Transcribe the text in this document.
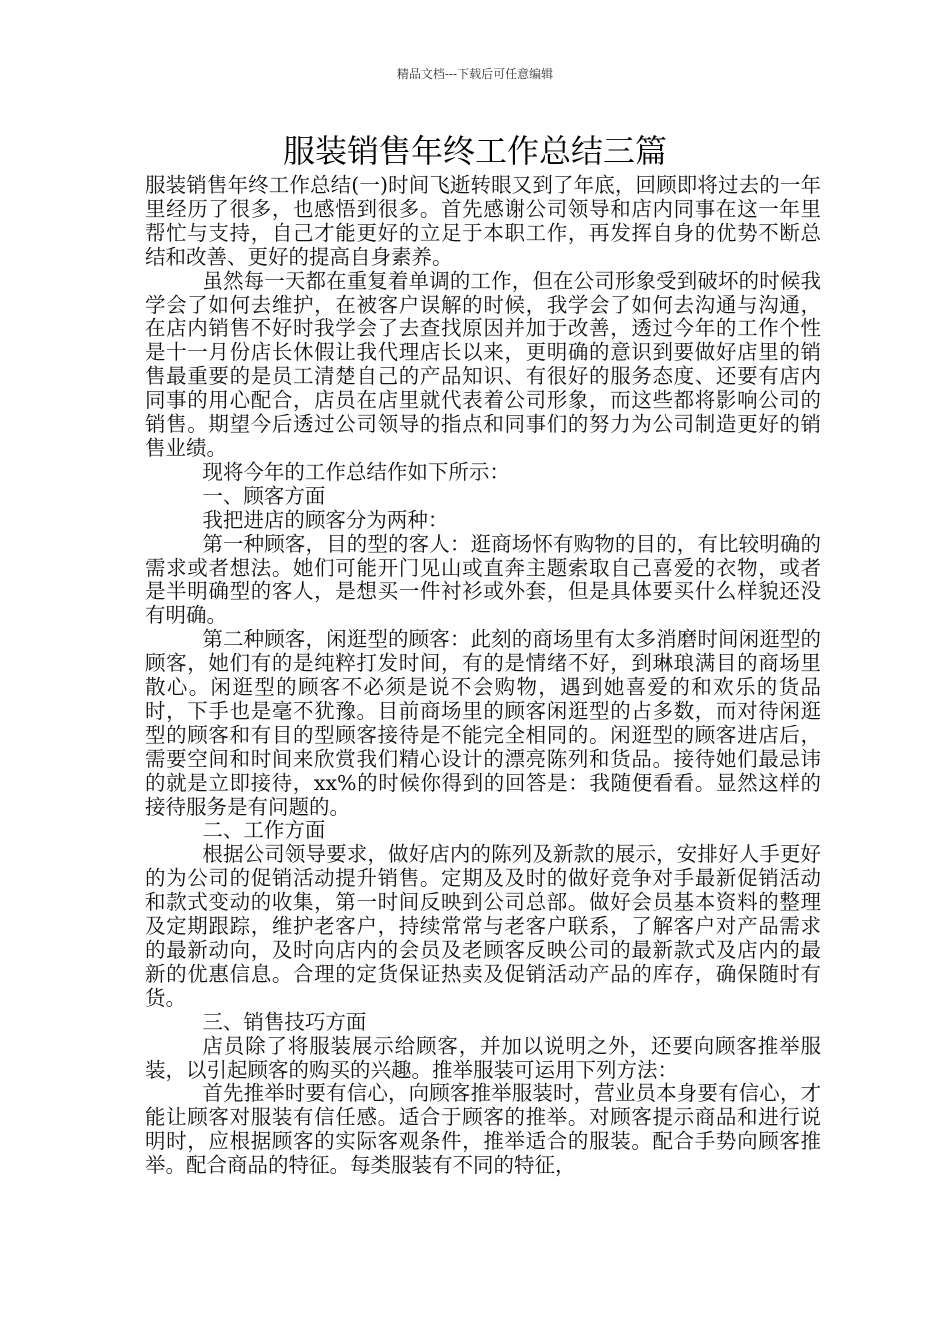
精品文档---下载后可任意编辑
服装销售年终工作总结三篇

服装销售年终工作总结(一)时间飞逝转眼又到了年底，回顾即将过去的一年里经历了很多，也感悟到很多。首先感谢公司领导和店内同事在这一年里帮忙与支持，自己才能更好的立足于本职工作，再发挥自身的优势不断总结和改善、更好的提高自身素养。

虽然每一天都在重复着单调的工作，但在公司形象受到破坏的时候我学会了如何去维护，在被客户误解的时候，我学会了如何去沟通与沟通，在店内销售不好时我学会了去查找原因并加于改善，透过今年的工作个性是十一月份店长休假让我代理店长以来，更明确的意识到要做好店里的销售最重要的是员工清楚自己的产品知识、有很好的服务态度、还要有店内同事的用心配合，店员在店里就代表着公司形象，而这些都将影响公司的销售。期望今后透过公司领导的指点和同事们的努力为公司制造更好的销售业绩。

现将今年的工作总结作如下所示：

一、顾客方面

我把进店的顾客分为两种：

第一种顾客，目的型的客人：逛商场怀有购物的目的，有比较明确的需求或者想法。她们可能开门见山或直奔主题索取自己喜爱的衣物，或者是半明确型的客人，是想买一件衬衫或外套，但是具体要买什么样貌还没有明确。

第二种顾客，闲逛型的顾客：此刻的商场里有太多消磨时间闲逛型的顾客，她们有的是纯粹打发时间，有的是情绪不好，到琳琅满目的商场里散心。闲逛型的顾客不必须是说不会购物，遇到她喜爱的和欢乐的货品时，下手也是毫不犹豫。目前商场里的顾客闲逛型的占多数，而对待闲逛型的顾客和有目的型顾客接待是不能完全相同的。闲逛型的顾客进店后，需要空间和时间来欣赏我们精心设计的漂亮陈列和货品。接待她们最忌讳的就是立即接待，xx%的时候你得到的回答是：我随便看看。显然这样的接待服务是有问题的。

二、工作方面

根据公司领导要求，做好店内的陈列及新款的展示，安排好人手更好的为公司的促销活动提升销售。定期及及时的做好竞争对手最新促销活动和款式变动的收集，第一时间反映到公司总部。做好会员基本资料的整理及定期跟踪，维护老客户，持续常常与老客户联系，了解客户对产品需求的最新动向，及时向店内的会员及老顾客反映公司的最新款式及店内的最新的优惠信息。合理的定货保证热卖及促销活动产品的库存，确保随时有货。

三、销售技巧方面

店员除了将服装展示给顾客，并加以说明之外，还要向顾客推举服装，以引起顾客的购买的兴趣。推举服装可运用下列方法：

首先推举时要有信心，向顾客推举服装时，营业员本身要有信心，才能让顾客对服装有信任感。适合于顾客的推举。对顾客提示商品和进行说明时，应根据顾客的实际客观条件，推举适合的服装。配合手势向顾客推举。配合商品的特征。每类服装有不同的特征，
